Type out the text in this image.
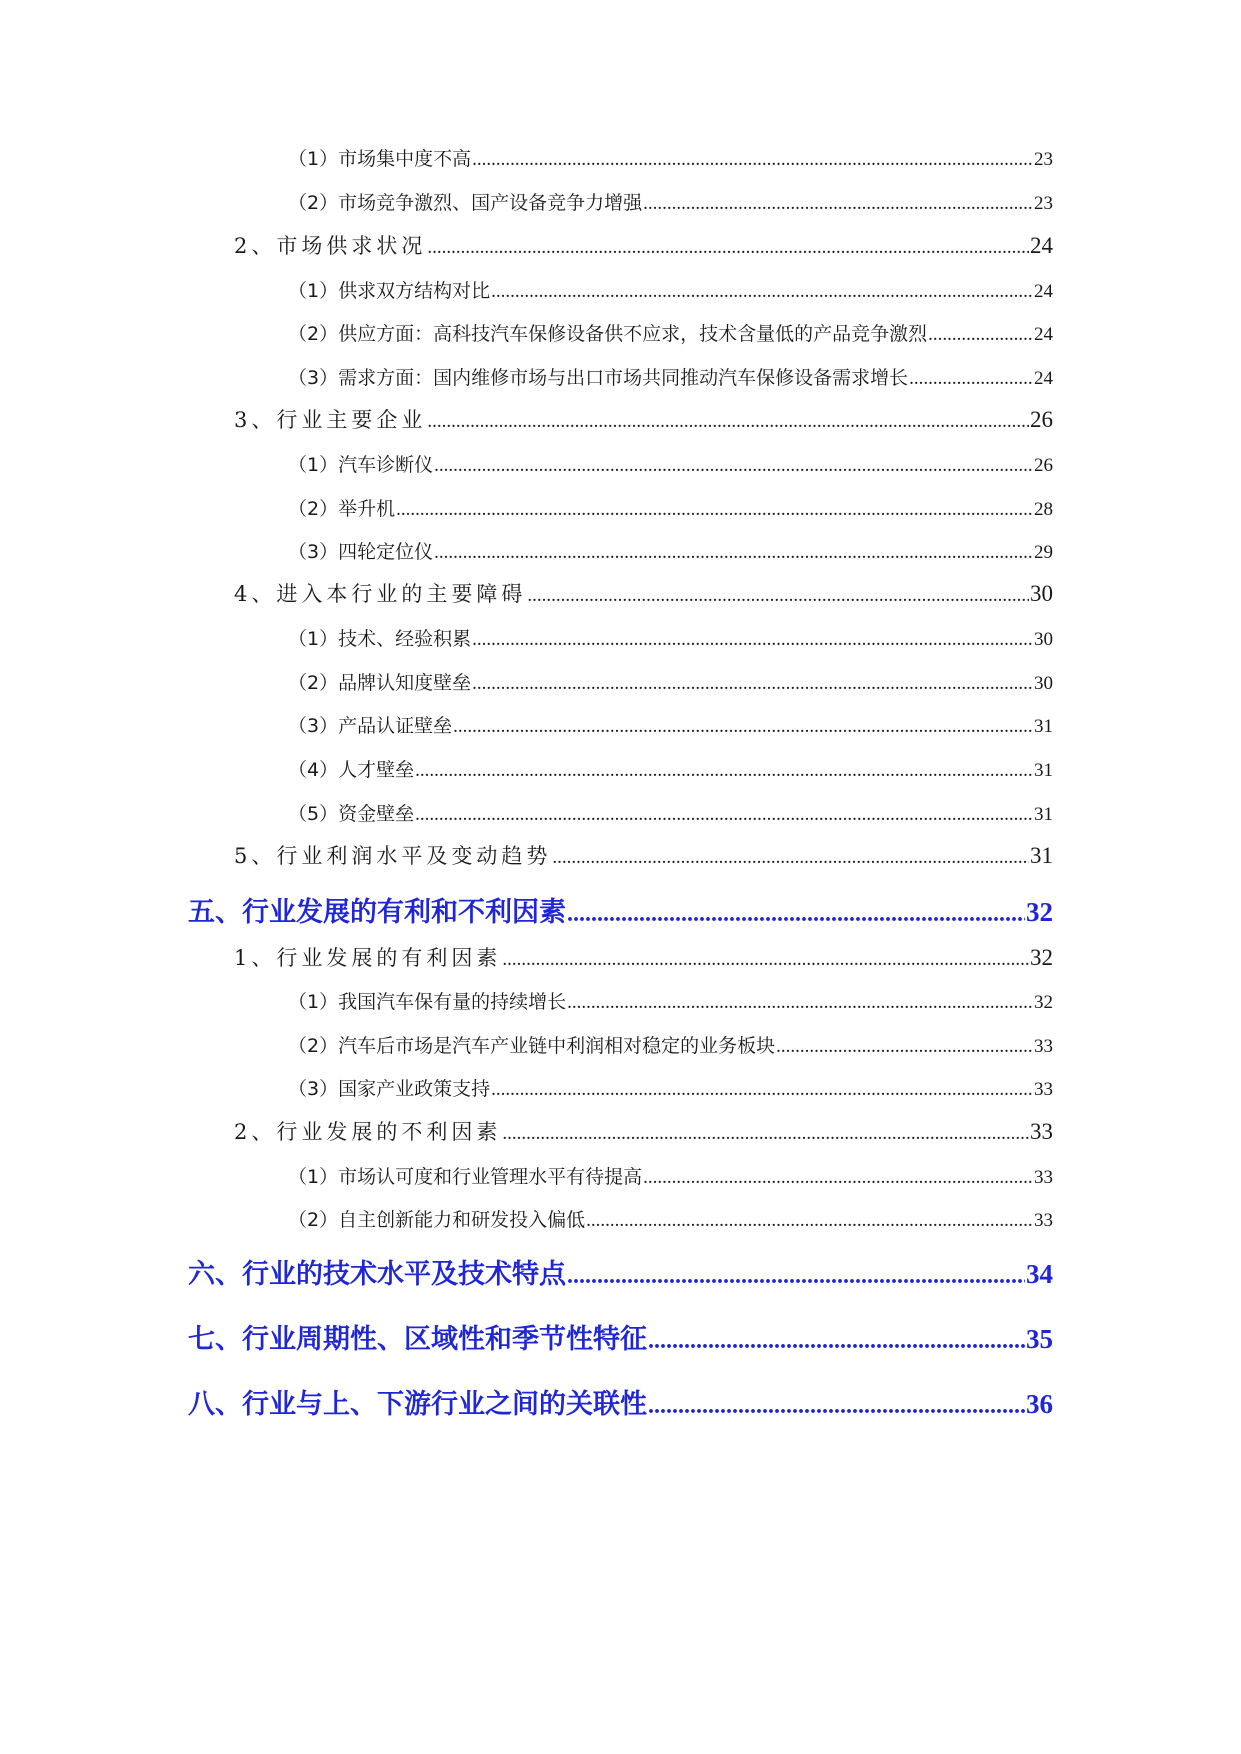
（1）市场集中度不高 .....	23
（2）市场竞争激烈、国产设备竞争力增强 .....	23
2、市场供求状况 .....	24
（1）供求双方结构对比 .....	24
（2）供应方面：高科技汽车保修设备供不应求，技术含量低的产品竞争激烈 .....	24
（3）需求方面：国内维修市场与出口市场共同推动汽车保修设备需求增长 .....	24
3、行业主要企业 .....	26
（1）汽车诊断仪 .....	26
（2）举升机 .....	28
（3）四轮定位仪 .....	29
4、进入本行业的主要障碍 .....	30
（1）技术、经验积累 .....	30
（2）品牌认知度壁垒 .....	30
（3）产品认证壁垒 .....	31
（4）人才壁垒 .....	31
（5）资金壁垒 .....	31
5、行业利润水平及变动趋势 .....	31
五、行业发展的有利和不利因素 .....	32
1、行业发展的有利因素 .....	32
（1）我国汽车保有量的持续增长 .....	32
（2）汽车后市场是汽车产业链中利润相对稳定的业务板块 .....	33
（3）国家产业政策支持 .....	33
2、行业发展的不利因素 .....	33
（1）市场认可度和行业管理水平有待提高 .....	33
（2）自主创新能力和研发投入偏低 .....	33
六、行业的技术水平及技术特点 .....	34
七、行业周期性、区域性和季节性特征 .....	35
八、行业与上、下游行业之间的关联性 .....	36
